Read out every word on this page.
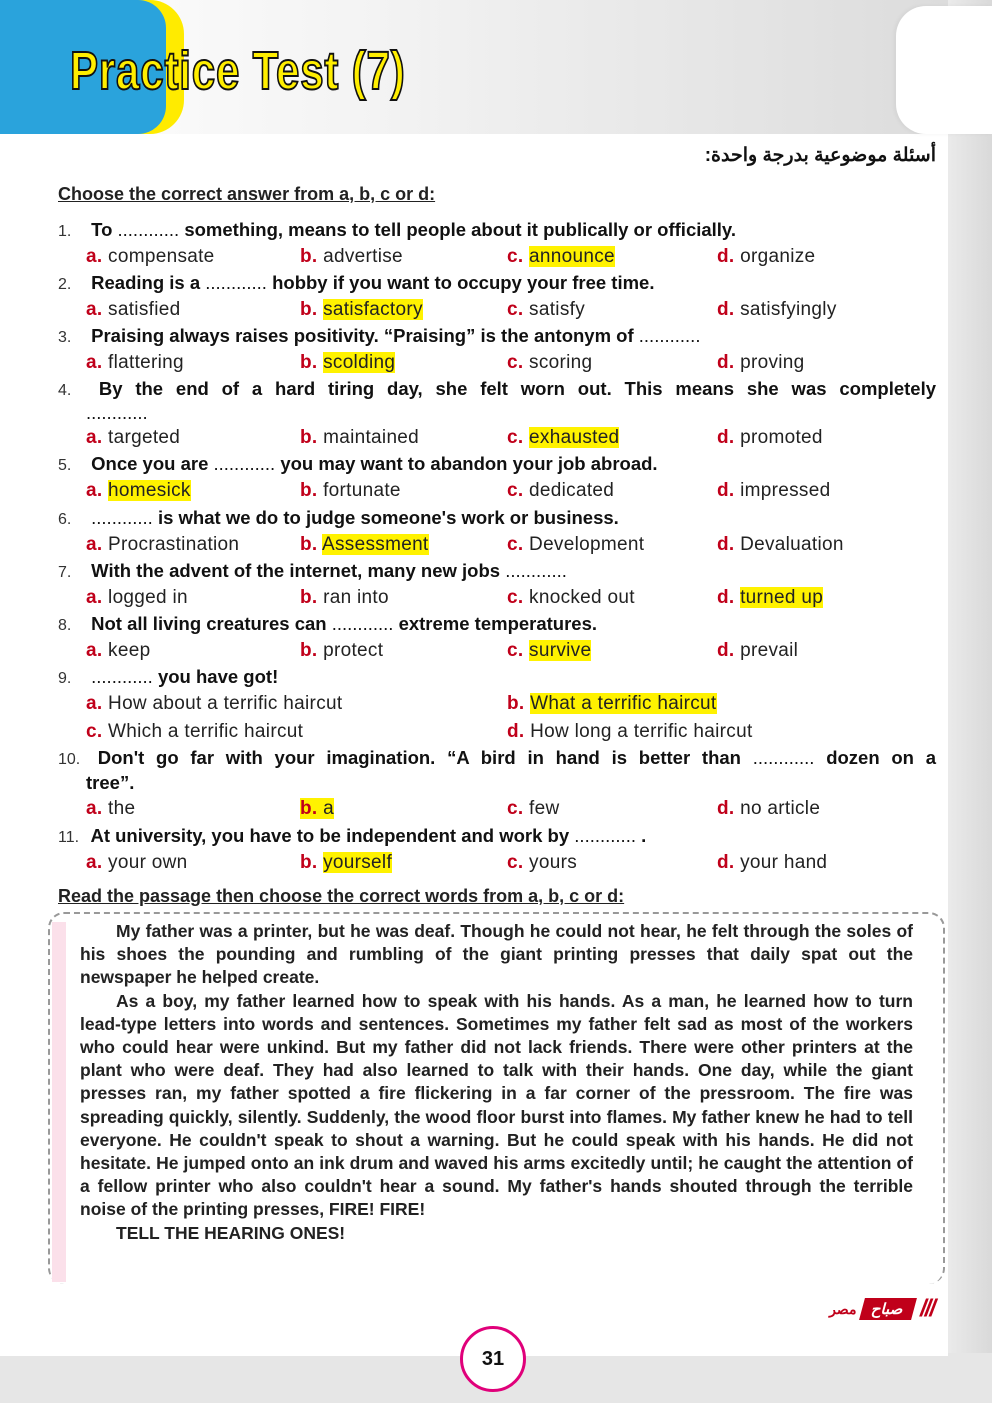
Practice Test (7)
أسئلة موضوعية بدرجة واحدة:
Choose the correct answer from a, b, c or d:
1. To ............ something, means to tell people about it publically or officially.
a. compensate	b. advertise	c. announce	d. organize
2. Reading is a ............ hobby if you want to occupy your free time.
a. satisfied	b. satisfactory	c. satisfy	d. satisfyingly
3. Praising always raises positivity. “Praising” is the antonym of ............
a. flattering	b. scolding	c. scoring	d. proving
4. By the end of a hard tiring day, she felt worn out. This means she was completely
............
a. targeted	b. maintained	c. exhausted	d. promoted
5. Once you are ............ you may want to abandon your job abroad.
a. homesick	b. fortunate	c. dedicated	d. impressed
6. ............ is what we do to judge someone's work or business.
a. Procrastination	b. Assessment	c. Development	d. Devaluation
7. With the advent of the internet, many new jobs ............
a. logged in	b. ran into	c. knocked out	d. turned up
8. Not all living creatures can ............ extreme temperatures.
a. keep	b. protect	c. survive	d. prevail
9. ............ you have got!
a. How about a terrific haircut	b. What a terrific haircut
c. Which a terrific haircut	d. How long a terrific haircut
10. Don't go far with your imagination. “A bird in hand is better than ............ dozen on a
tree”.
a. the	b. a	c. few	d. no article
11. At university, you have to be independent and work by ............ .
a. your own	b. yourself	c. yours	d. your hand
Read the passage then choose the correct words from a, b, c or d:

My father was a printer, but he was deaf. Though he could not hear, he felt through the soles of his shoes the pounding and rumbling of the giant printing presses that daily spat out the newspaper he helped create.

As a boy, my father learned how to speak with his hands. As a man, he learned how to turn lead-type letters into words and sentences. Sometimes my father felt sad as most of the workers who could hear were unkind. But my father did not lack friends. There were other printers at the plant who were deaf. They had also learned to talk with their hands. One day, while the giant presses ran, my father spotted a fire flickering in a far corner of the pressroom. The fire was spreading quickly, silently. Suddenly, the wood floor burst into flames. My father knew he had to tell everyone. He couldn't speak to shout a warning. But he could speak with his hands. He did not hesitate. He jumped onto an ink drum and waved his arms excitedly until; he caught the attention of a fellow printer who also couldn't hear a sound. My father's hands shouted through the terrible noise of the printing presses, FIRE! FIRE!

TELL THE HEARING ONES!

مصر صباح ///
31
